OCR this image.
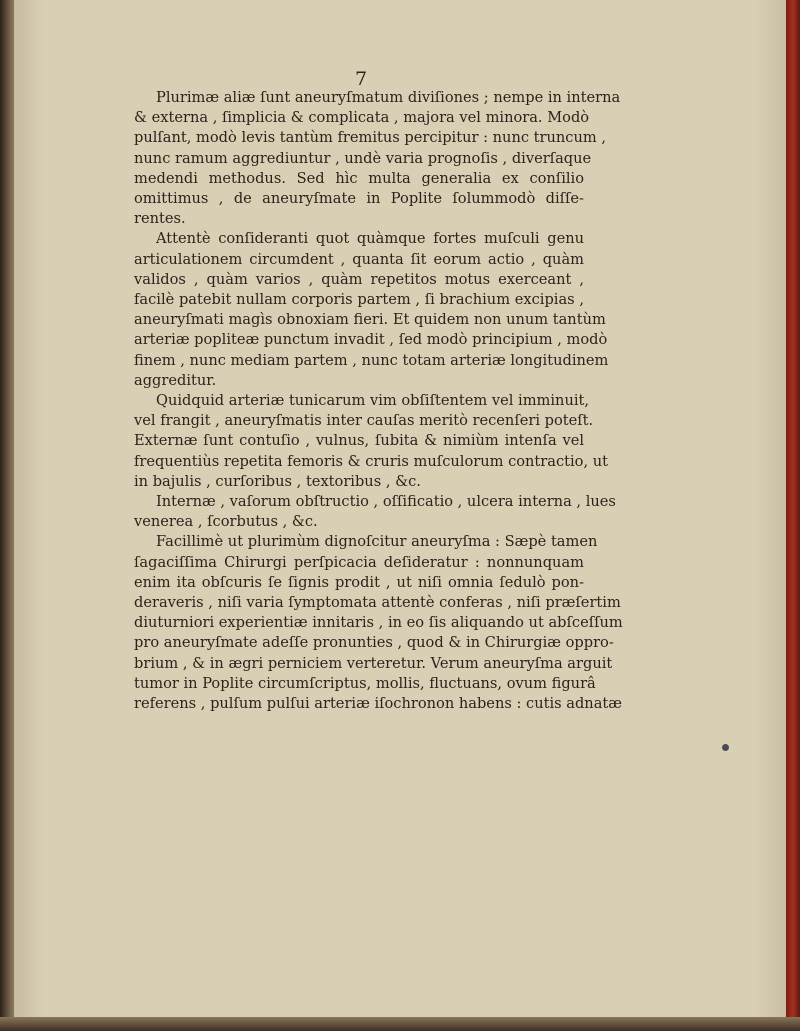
7
Plurimæ aliæ ſunt aneuryſmatum diviſiones ; nempe in interna
& externa , ſimplicia & complicata , majora vel minora. Modò
pulſant, modò levis tantùm fremitus percipitur : nunc truncum ,
nunc ramum aggrediuntur , undè varia prognoſis , diverſaque
medendi methodus. Sed hìc multa generalia ex conſilio
omittimus , de aneuryſmate in Poplite ſolummodò diſſe-
rentes.
Attentè conſideranti quot quàmque fortes muſculi genu
articulationem circumdent , quanta ſit eorum actio , quàm
validos , quàm varios , quàm repetitos motus exerceant ,
facilè patebit nullam corporis partem , ſi brachium excipias ,
aneuryſmati magìs obnoxiam fieri. Et quidem non unum tantùm
arteriæ popliteæ punctum invadit , ſed modò principium , modò
finem , nunc mediam partem , nunc totam arteriæ longitudinem
aggreditur.
Quidquid arteriæ tunicarum vim obſiſtentem vel imminuit,
vel frangit , aneuryſmatis inter cauſas meritò recenſeri poteſt.
Externæ ſunt contuſio , vulnus, ſubita & nimiùm intenſa vel
frequentiùs repetita femoris & cruris muſculorum contractio, ut
in bajulis , curſoribus , textoribus , &c.
Internæ , vaſorum obſtructio , oſſificatio , ulcera interna , lues
venerea , ſcorbutus , &c.
Facillimè ut plurimùm dignoſcitur aneuryſma : Sæpè tamen
ſagaciſſima Chirurgi perſpicacia deſideratur : nonnunquam
enim ita obſcuris ſe ſignis prodit , ut niſi omnia ſedulò pon-
deraveris , niſi varia ſymptomata attentè conferas , niſi præſertim
diuturniori experientiæ innitaris , in eo ſis aliquando ut abſceſſum
pro aneuryſmate adeſſe pronunties , quod & in Chirurgiæ oppro-
brium , & in ægri perniciem verteretur. Verum aneuryſma arguit
tumor in Poplite circumſcriptus, mollis, fluctuans, ovum figurâ
referens , pulſum pulſui arteriæ iſochronon habens : cutis adnatæ
